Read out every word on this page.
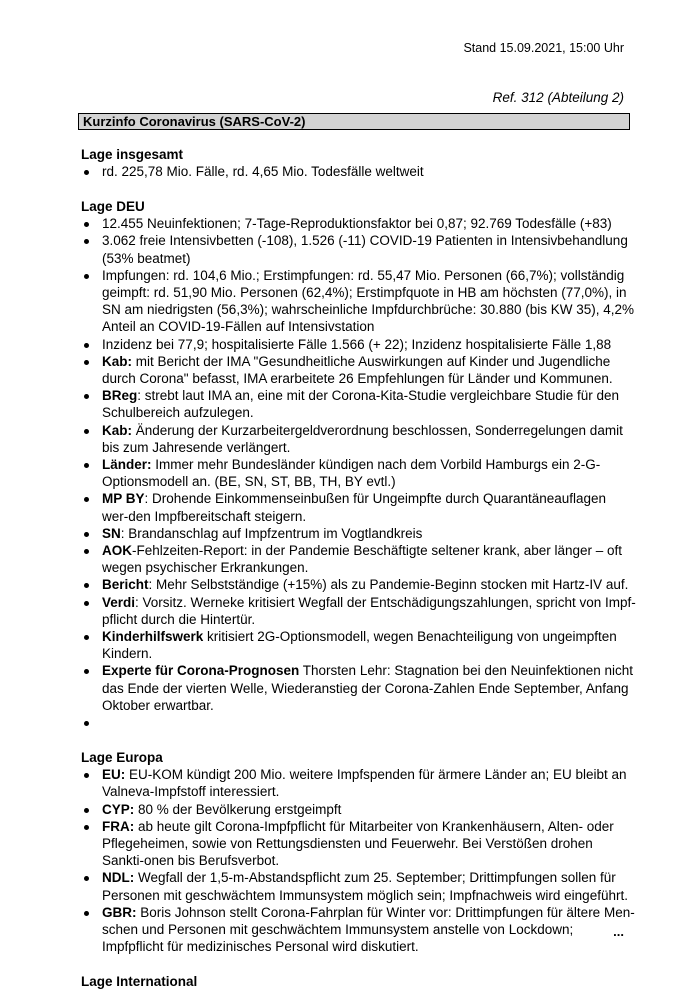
Stand 15.09.2021, 15:00 Uhr
Ref. 312 (Abteilung 2)
Kurzinfo Coronavirus (SARS-CoV-2)

Lage insgesamt

rd. 225,78 Mio. Fälle, rd. 4,65 Mio. Todesfälle weltweit

Lage DEU

12.455 Neuinfektionen; 7-Tage-Reproduktionsfaktor bei 0,87; 92.769 Todesfälle (+83)
3.062 freie Intensivbetten (-108), 1.526 (-11) COVID-19 Patienten in Intensivbehandlung (53% beatmet)
Impfungen: rd. 104,6 Mio.; Erstimpfungen: rd. 55,47 Mio. Personen (66,7%); vollständig geimpft: rd. 51,90 Mio. Personen (62,4%); Erstimpfquote in HB am höchsten (77,0%), in SN am niedrigsten (56,3%); wahrscheinliche Impfdurchbrüche: 30.880 (bis KW 35), 4,2% Anteil an COVID-19-Fällen auf Intensivstation
Inzidenz bei 77,9; hospitalisierte Fälle 1.566 (+ 22); Inzidenz hospitalisierte Fälle 1,88
Kab: mit Bericht der IMA "Gesundheitliche Auswirkungen auf Kinder und Jugendliche durch Corona" befasst, IMA erarbeitete 26 Empfehlungen für Länder und Kommunen.
BReg: strebt laut IMA an, eine mit der Corona-Kita-Studie vergleichbare Studie für den Schulbereich aufzulegen.
Kab: Änderung der Kurzarbeitergeldverordnung beschlossen, Sonderregelungen damit bis zum Jahresende verlängert.
Länder: Immer mehr Bundesländer kündigen nach dem Vorbild Hamburgs ein 2-G-Optionsmodell an. (BE, SN, ST, BB, TH, BY evtl.)
MP BY: Drohende Einkommenseinbußen für Ungeimpfte durch Quarantäneauflagen wer-den Impfbereitschaft steigern.
SN: Brandanschlag auf Impfzentrum im Vogtlandkreis
AOK-Fehlzeiten-Report: in der Pandemie Beschäftigte seltener krank, aber länger – oft wegen psychischer Erkrankungen.
Bericht: Mehr Selbstständige (+15%) als zu Pandemie-Beginn stocken mit Hartz-IV auf.
Verdi: Vorsitz. Werneke kritisiert Wegfall der Entschädigungszahlungen, spricht von Impf-pflicht durch die Hintertür.
Kinderhilfswerk kritisiert 2G-Optionsmodell, wegen Benachteiligung von ungeimpften Kindern.
Experte für Corona-Prognosen Thorsten Lehr: Stagnation bei den Neuinfektionen nicht das Ende der vierten Welle, Wiederanstieg der Corona-Zahlen Ende September, Anfang Oktober erwartbar.

Lage Europa

EU: EU-KOM kündigt 200 Mio. weitere Impfspenden für ärmere Länder an; EU bleibt an Valneva-Impfstoff interessiert.
CYP: 80 % der Bevölkerung erstgeimpft
FRA: ab heute gilt Corona-Impfpflicht für Mitarbeiter von Krankenhäusern, Alten- oder Pflegeheimen, sowie von Rettungsdiensten und Feuerwehr. Bei Verstößen drohen Sankti-onen bis Berufsverbot.
NDL: Wegfall der 1,5-m-Abstandspflicht zum 25. September; Drittimpfungen sollen für Personen mit geschwächtem Immunsystem möglich sein; Impfnachweis wird eingeführt.
GBR: Boris Johnson stellt Corona-Fahrplan für Winter vor: Drittimpfungen für ältere Men-schen und Personen mit geschwächtem Immunsystem anstelle von Lockdown; Impfpflicht für medizinisches Personal wird diskutiert.

Lage International

...
